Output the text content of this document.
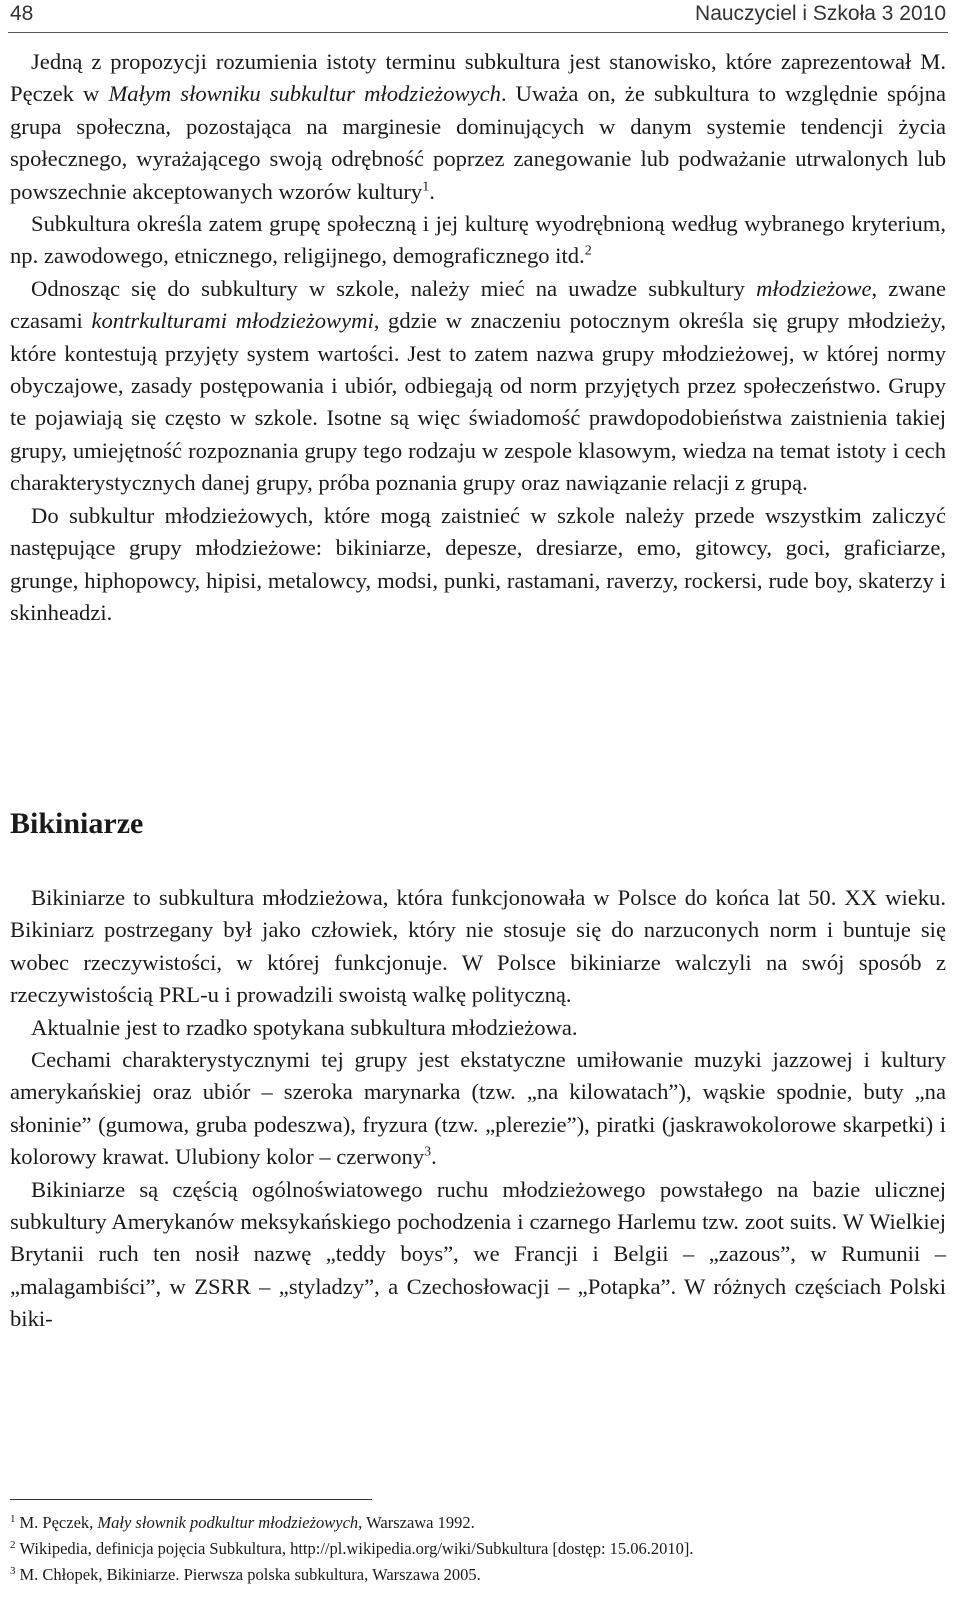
48	Nauczyciel i Szkoła 3 2010

Jedną z propozycji rozumienia istoty terminu subkultura jest stanowisko, które zaprezentował M. Pęczek w Małym słowniku subkultur młodzieżowych. Uważa on, że subkultura to względnie spójna grupa społeczna, pozostająca na marginesie dominujących w danym systemie tendencji życia społecznego, wyrażającego swoją odrębność poprzez zanegowanie lub podważanie utrwalonych lub powszechnie akceptowanych wzorów kultury$^1$.

Subkultura określa zatem grupę społeczną i jej kulturę wyodrębnioną według wybranego kryterium, np. zawodowego, etnicznego, religijnego, demograficznego itd.$^2$

Odnosząc się do subkultury w szkole, należy mieć na uwadze subkultury młodzieżowe, zwane czasami kontrkulturami młodzieżowymi, gdzie w znaczeniu potocznym określa się grupy młodzieży, które kontestują przyjęty system wartości. Jest to zatem nazwa grupy młodzieżowej, w której normy obyczajowe, zasady postępowania i ubiór, odbiegają od norm przyjętych przez społeczeństwo. Grupy te pojawiają się często w szkole. Isotne są więc świadomość prawdopodobieństwa zaistnienia takiej grupy, umiejętność rozpoznania grupy tego rodzaju w zespole klasowym, wiedza na temat istoty i cech charakterystycznych danej grupy, próba poznania grupy oraz nawiązanie relacji z grupą.

Do subkultur młodzieżowych, które mogą zaistnieć w szkole należy przede wszystkim zaliczyć następujące grupy młodzieżowe: bikiniarze, depesze, dresiarze, emo, gitowcy, goci, graficiarze, grunge, hiphopowcy, hipisi, metalowcy, modsi, punki, rastamani, raverzy, rockersi, rude boy, skaterzy i skinheadzi.

Bikiniarze

Bikiniarze to subkultura młodzieżowa, która funkcjonowała w Polsce do końca lat 50. XX wieku. Bikiniarz postrzegany był jako człowiek, który nie stosuje się do narzuconych norm i buntuje się wobec rzeczywistości, w której funkcjonuje. W Polsce bikiniarze walczyli na swój sposób z rzeczywistością PRL-u i prowadzili swoistą walkę polityczną.

Aktualnie jest to rzadko spotykana subkultura młodzieżowa.

Cechami charakterystycznymi tej grupy jest ekstatyczne umiłowanie muzyki jazzowej i kultury amerykańskiej oraz ubiór – szeroka marynarka (tzw. „na kilowatach”), wąskie spodnie, buty „na słoninie” (gumowa, gruba podeszwa), fryzura (tzw. „plerezie”), piratki (jaskrawokolorowe skarpetki) i kolorowy krawat. Ulubiony kolor – czerwony$^3$.

Bikiniarze są częścią ogólnoświatowego ruchu młodzieżowego powstałego na bazie ulicznej subkultury Amerykanów meksykańskiego pochodzenia i czarnego Harlemu tzw. zoot suits. W Wielkiej Brytanii ruch ten nosił nazwę „teddy boys”, we Francji i Belgii – „zazous”, w Rumunii – „malagambiści”, w ZSRR – „styladzy”, a Czechosłowacji – „Potapka”. W różnych częściach Polski biki-

$^1$ M. Pęczek, Mały słownik podkultur młodzieżowych, Warszawa 1992.
$^2$ Wikipedia, definicja pojęcia Subkultura, http://pl.wikipedia.org/wiki/Subkultura [dostęp: 15.06.2010].
$^3$ M. Chłopek, Bikiniarze. Pierwsza polska subkultura, Warszawa 2005.
